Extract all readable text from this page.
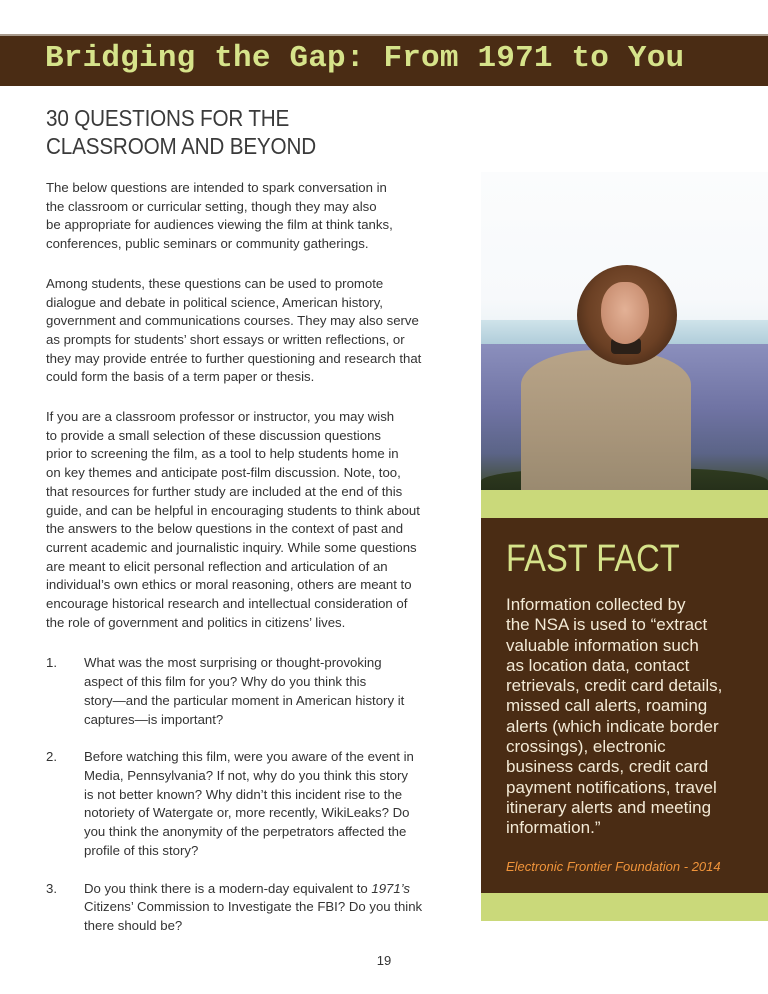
Bridging the Gap: From 1971 to You
30 QUESTIONS FOR THE
CLASSROOM AND BEYOND
The below questions are intended to spark conversation in
the classroom or curricular setting, though they may also
be appropriate for audiences viewing the film at think tanks,
conferences, public seminars or community gatherings.
Among students, these questions can be used to promote
dialogue and debate in political science, American history,
government and communications courses. They may also serve
as prompts for students’ short essays or written reflections, or
they may provide entrée to further questioning and research that
could form the basis of a term paper or thesis.
If you are a classroom professor or instructor, you may wish
to provide a small selection of these discussion questions
prior to screening the film, as a tool to help students home in
on key themes and anticipate post-film discussion. Note, too,
that resources for further study are included at the end of this
guide, and can be helpful in encouraging students to think about
the answers to the below questions in the context of past and
current academic and journalistic inquiry. While some questions
are meant to elicit personal reflection and articulation of an
individual’s own ethics or moral reasoning, others are meant to
encourage historical research and intellectual consideration of
the role of government and politics in citizens’ lives.
1.	What was the most surprising or thought-provoking
aspect of this film for you? Why do you think this
story—and the particular moment in American history it
captures—is important?
2.	Before watching this film, were you aware of the event in
Media, Pennsylvania? If not, why do you think this story
is not better known? Why didn’t this incident rise to the
notoriety of Watergate or, more recently, WikiLeaks? Do
you think the anonymity of the perpetrators affected the
profile of this story?
3.	Do you think there is a modern-day equivalent to 1971’s
Citizens’ Commission to Investigate the FBI? Do you think
there should be?
FAST FACT
Information collected by
the NSA is used to “extract
valuable information such
as location data, contact
retrievals, credit card details,
missed call alerts, roaming
alerts (which indicate border
crossings), electronic
business cards, credit card
payment notifications, travel
itinerary alerts and meeting
information.”
Electronic Frontier Foundation - 2014
19
